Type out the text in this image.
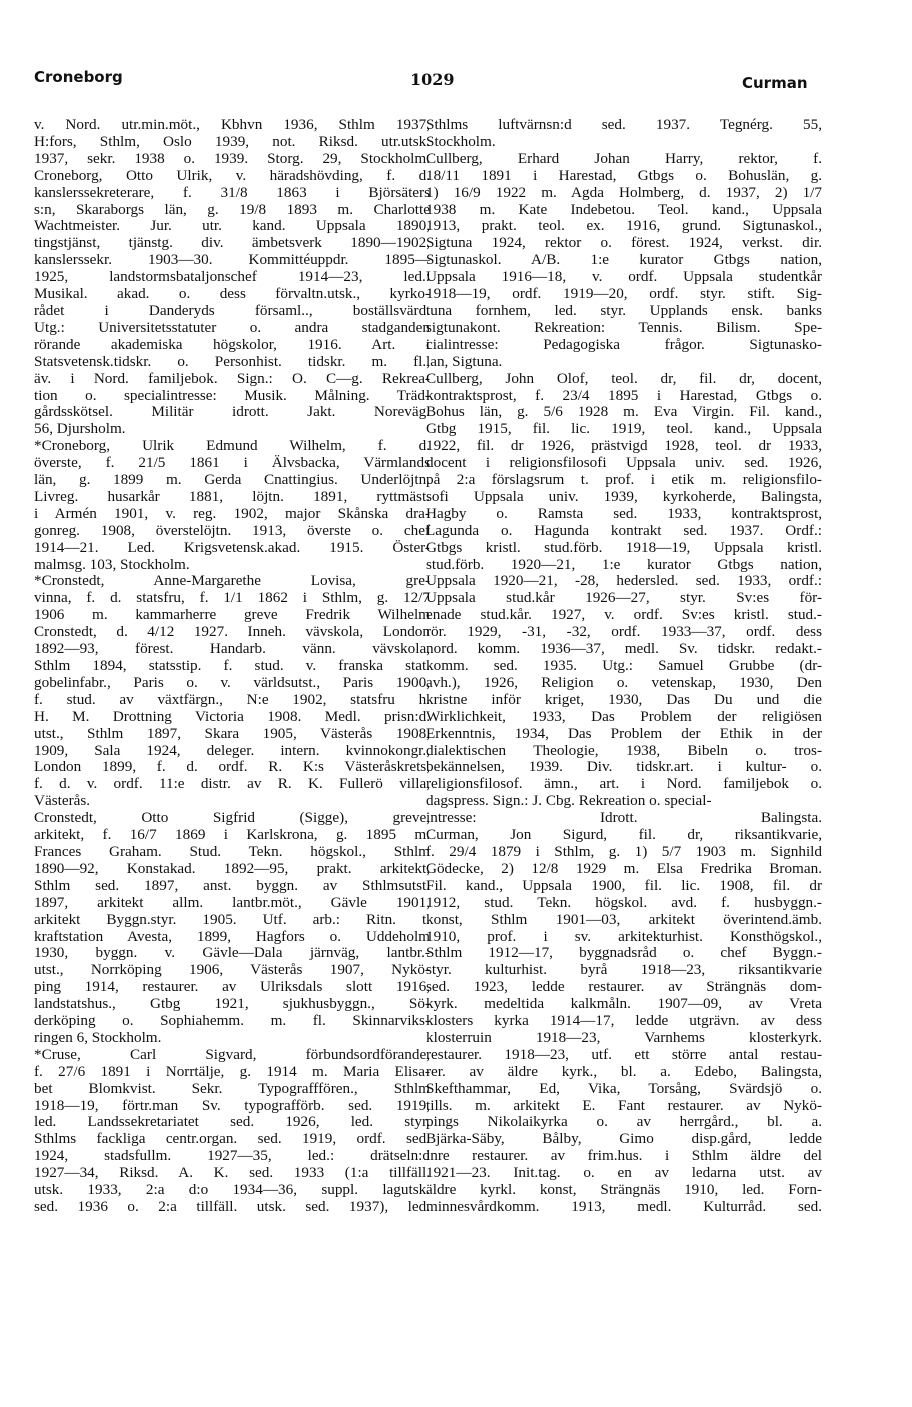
Croneborg	1029	Curman
v. Nord. utr.min.möt., Kbhvn 1936, Sthlm 1937,
H:fors, Sthlm, Oslo 1939, not. Riksd. utr.utsk.
1937, sekr. 1938 o. 1939. Storg. 29, Stockholm.
Croneborg, Otto Ulrik, v. häradshövding, f. d.
kanslerssekreterare, f. 31/8 1863 i Björsäters
s:n, Skaraborgs län, g. 19/8 1893 m. Charlotte
Wachtmeister. Jur. utr. kand. Uppsala 1890,
tingstjänst, tjänstg. div. ämbetsverk 1890—1902,
kanslerssekr. 1903—30. Kommittéuppdr. 1895—
1925, landstormsbataljonschef 1914—23, led.:
Musikal. akad. o. dess förvaltn.utsk., kyrko-
rådet i Danderyds församl.., boställsvärd.
Utg.: Universitetsstatuter o. andra stadganden
rörande akademiska högskolor, 1916. Art. i
Statsvetensk.tidskr. o. Personhist. tidskr. m. fl.,
äv. i Nord. familjebok. Sign.: O. C—g. Rekrea-
tion o. specialintresse: Musik. Målning. Träd-
gårdsskötsel. Militär idrott. Jakt. Noreväg.
56, Djursholm.
*Croneborg, Ulrik Edmund Wilhelm, f. d.
överste, f. 21/5 1861 i Älvsbacka, Värmlands
län, g. 1899 m. Gerda Cnattingius. Underlöjtn.
Livreg. husarkår 1881, löjtn. 1891, ryttmäst.
i Armén 1901, v. reg. 1902, major Skånska dra-
gonreg. 1908, överstelöjtn. 1913, överste o. chef
1914—21. Led. Krigsvetensk.akad. 1915. Öster-
malmsg. 103, Stockholm.
*Cronstedt, Anne-Margarethe Lovisa, gre-
vinna, f. d. statsfru, f. 1/1 1862 i Sthlm, g. 12/7
1906 m. kammarherre greve Fredrik Wilhelm
Cronstedt, d. 4/12 1927. Inneh. vävskola, London
1892—93, förest. Handarb. vänn. vävskola,
Sthlm 1894, statsstip. f. stud. v. franska stat.
gobelinfabr., Paris o. v. världsutst., Paris 1900,
f. stud. av växtfärgn., N:e 1902, statsfru h.
H. M. Drottning Victoria 1908. Medl. prisn:d.
utst., Sthlm 1897, Skara 1905, Västerås 1908,
1909, Sala 1924, deleger. intern. kvinnokongr.,
London 1899, f. d. ordf. R. K:s Västeråskrets,
f. d. v. ordf. 11:e distr. av R. K. Fullerö villa,
Västerås.
Cronstedt, Otto Sigfrid (Sigge), greve,
arkitekt, f. 16/7 1869 i Karlskrona, g. 1895 m.
Frances Graham. Stud. Tekn. högskol., Sthlm
1890—92, Konstakad. 1892—95, prakt. arkitekt,
Sthlm sed. 1897, anst. byggn. av Sthlmsutst.
1897, arkitekt allm. lantbr.möt., Gävle 1901,
arkitekt Byggn.styr. 1905. Utf. arb.: Ritn. t.
kraftstation Avesta, 1899, Hagfors o. Uddeholm
1930, byggn. v. Gävle—Dala järnväg, lantbr.-
utst., Norrköping 1906, Västerås 1907, Nykö-
ping 1914, restaurer. av Ulriksdals slott 1916,
landstatshus., Gtbg 1921, sjukhusbyggn., Sö-
derköping o. Sophiahemm. m. fl. Skinnarviks-
ringen 6, Stockholm.
*Cruse, Carl Sigvard, förbundsordförande,
f. 27/6 1891 i Norrtälje, g. 1914 m. Maria Elisa-
bet Blomkvist. Sekr. Typografffören., Sthlm
1918—19, förtr.man Sv. typografförb. sed. 1919,
led. Landssekretariatet sed. 1926, led. styr.
Sthlms fackliga centr.organ. sed. 1919, ordf. sed.
1924, stadsfullm. 1927—35, led.: drätseln:d
1927—34, Riksd. A. K. sed. 1933 (1:a tillfäll.
utsk. 1933, 2:a d:o 1934—36, suppl. lagutsk.
sed. 1936 o. 2:a tillfäll. utsk. sed. 1937), led.
Sthlms luftvärnsn:d sed. 1937. Tegnérg. 55,
Stockholm.
Cullberg, Erhard Johan Harry, rektor, f.
18/11 1891 i Harestad, Gtbgs o. Bohuslän, g.
1) 16/9 1922 m. Agda Holmberg, d. 1937, 2) 1/7
1938 m. Kate Indebetou. Teol. kand., Uppsala
1913, prakt. teol. ex. 1916, grund. Sigtunaskol.,
Sigtuna 1924, rektor o. förest. 1924, verkst. dir.
Sigtunaskol. A/B. 1:e kurator Gtbgs nation,
Uppsala 1916—18, v. ordf. Uppsala studentkår
1918—19, ordf. 1919—20, ordf. styr. stift. Sig-
tuna fornhem, led. styr. Upplands ensk. banks
sigtunakont. Rekreation: Tennis. Bilism. Spe-
cialintresse: Pedagogiska frågor. Sigtunasko-
lan, Sigtuna.
Cullberg, John Olof, teol. dr, fil. dr, docent,
kontraktsprost, f. 23/4 1895 i Harestad, Gtbgs o.
Bohus län, g. 5/6 1928 m. Eva Virgin. Fil. kand.,
Gtbg 1915, fil. lic. 1919, teol. kand., Uppsala
1922, fil. dr 1926, prästvigd 1928, teol. dr 1933,
docent i religionsfilosofi Uppsala univ. sed. 1926,
på 2:a förslagsrum t. prof. i etik m. religionsfilo-
sofi Uppsala univ. 1939, kyrkoherde, Balingsta,
Hagby o. Ramsta sed. 1933, kontraktsprost,
Lagunda o. Hagunda kontrakt sed. 1937. Ordf.:
Gtbgs kristl. stud.förb. 1918—19, Uppsala kristl.
stud.förb. 1920—21, 1:e kurator Gtbgs nation,
Uppsala 1920—21, -28, hedersled. sed. 1933, ordf.:
Uppsala stud.kår 1926—27, styr. Sv:es för-
enade stud.kår. 1927, v. ordf. Sv:es kristl. stud.-
rör. 1929, -31, -32, ordf. 1933—37, ordf. dess
nord. komm. 1936—37, medl. Sv. tidskr. redakt.-
komm. sed. 1935. Utg.: Samuel Grubbe (dr-
avh.), 1926, Religion o. vetenskap, 1930, Den
kristne inför kriget, 1930, Das Du und die
Wirklichkeit, 1933, Das Problem der religiösen
Erkenntnis, 1934, Das Problem der Ethik in der
dialektischen Theologie, 1938, Bibeln o. tros-
bekännelsen, 1939. Div. tidskr.art. i kultur- o.
religionsfilosof. ämn., art. i Nord. familjebok o.
dagspress. Sign.: J. Cbg. Rekreation o. special-
intresse: Idrott. Balingsta.
Curman, Jon Sigurd, fil. dr, riksantikvarie,
f. 29/4 1879 i Sthlm, g. 1) 5/7 1903 m. Signhild
Gödecke, 2) 12/8 1929 m. Elsa Fredrika Broman.
Fil. kand., Uppsala 1900, fil. lic. 1908, fil. dr
1912, stud. Tekn. högskol. avd. f. husbyggn.-
konst, Sthlm 1901—03, arkitekt överintend.ämb.
1910, prof. i sv. arkitekturhist. Konsthögskol.,
Sthlm 1912—17, byggnadsråd o. chef Byggn.-
styr. kulturhist. byrå 1918—23, riksantikvarie
sed. 1923, ledde restaurer. av Strängnäs dom-
kyrk. medeltida kalkmåln. 1907—09, av Vreta
klosters kyrka 1914—17, ledde utgrävn. av dess
klosterruin 1918—23, Varnhems klosterkyrk.
restaurer. 1918—23, utf. ett större antal restau-
rer. av äldre kyrk., bl. a. Edebo, Balingsta,
Skefthammar, Ed, Vika, Torsång, Svärdsjö o.
tills. m. arkitekt E. Fant restaurer. av Nykö-
pings Nikolaikyrka o. av herrgård., bl. a.
Bjärka-Säby, Bålby, Gimo disp.gård, ledde
inre restaurer. av frim.hus. i Sthlm äldre del
1921—23. Init.tag. o. en av ledarna utst. av
äldre kyrkl. konst, Strängnäs 1910, led. Forn-
minnesvårdkomm. 1913, medl. Kulturråd. sed.
